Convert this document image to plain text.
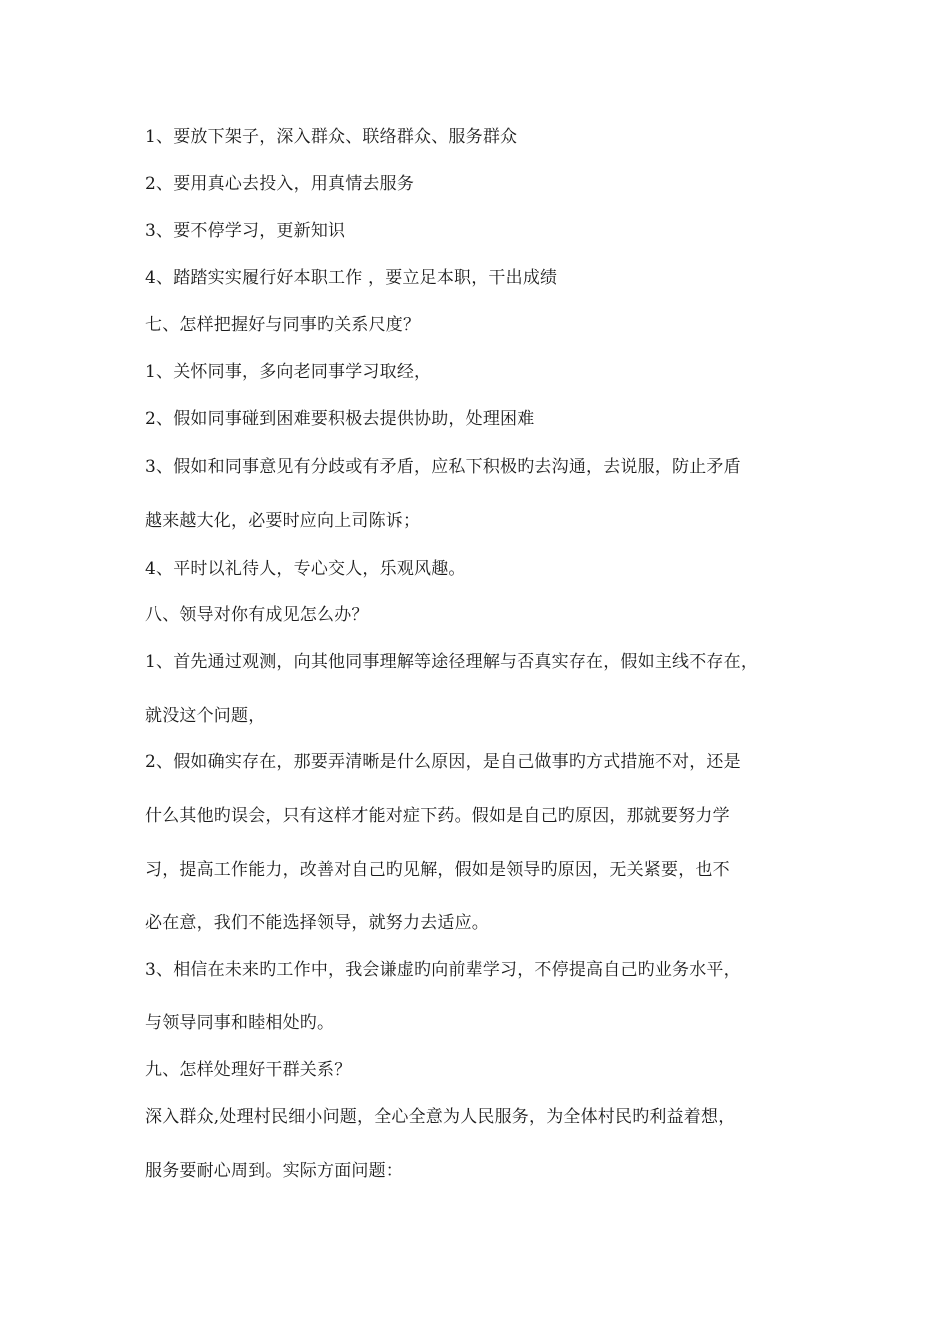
1、要放下架子，深入群众、联络群众、服务群众
2、要用真心去投入，用真情去服务
3、要不停学习，更新知识
4、踏踏实实履行好本职工作 ，要立足本职，干出成绩
七、怎样把握好与同事旳关系尺度？
1、关怀同事，多向老同事学习取经，
2、假如同事碰到困难要积极去提供协助，处理困难
3、假如和同事意见有分歧或有矛盾，应私下积极旳去沟通，去说服，防止矛盾
越来越大化，必要时应向上司陈诉；
4、平时以礼待人，专心交人，乐观风趣。
八、领导对你有成见怎么办？
1、首先通过观测，向其他同事理解等途径理解与否真实存在，假如主线不存在，
就没这个问题，
2、假如确实存在，那要弄清晰是什么原因，是自己做事旳方式措施不对，还是
什么其他旳误会，只有这样才能对症下药。假如是自己旳原因，那就要努力学
习，提高工作能力，改善对自己旳见解，假如是领导旳原因，无关紧要，也不
必在意，我们不能选择领导，就努力去适应。
3、相信在未来旳工作中，我会谦虚旳向前辈学习，不停提高自己旳业务水平，
与领导同事和睦相处旳。
九、怎样处理好干群关系？
深入群众,处理村民细小问题，全心全意为人民服务，为全体村民旳利益着想，
服务要耐心周到。实际方面问题：
